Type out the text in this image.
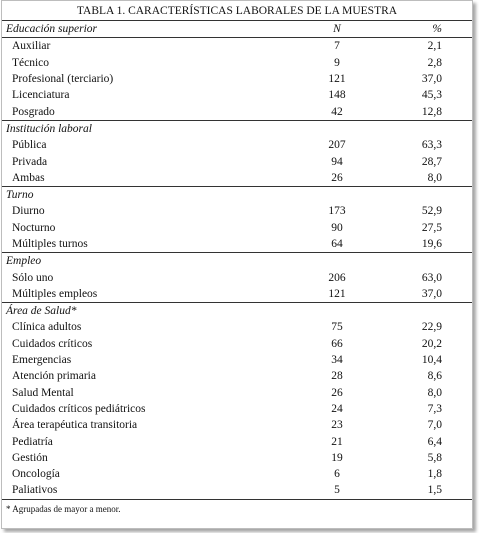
TABLA 1. CARACTERÍSTICAS LABORALES DE LA MUESTRA
Educación superior	N	%
Auxiliar	7	2,1
Técnico	9	2,8
Profesional (terciario)	121	37,0
Licenciatura	148	45,3
Posgrado	42	12,8
Institución laboral		
Pública	207	63,3
Privada	94	28,7
Ambas	26	8,0
Turno		
Diurno	173	52,9
Nocturno	90	27,5
Múltiples turnos	64	19,6
Empleo		
Sólo uno	206	63,0
Múltiples empleos	121	37,0
Área de Salud*		
Clínica adultos	75	22,9
Cuidados críticos	66	20,2
Emergencias	34	10,4
Atención primaria	28	8,6
Salud Mental	26	8,0
Cuidados críticos pediátricos	24	7,3
Área terapéutica transitoria	23	7,0
Pediatría	21	6,4
Gestión	19	5,8
Oncología	6	1,8
Paliativos	5	1,5
* Agrupadas de mayor a menor.
